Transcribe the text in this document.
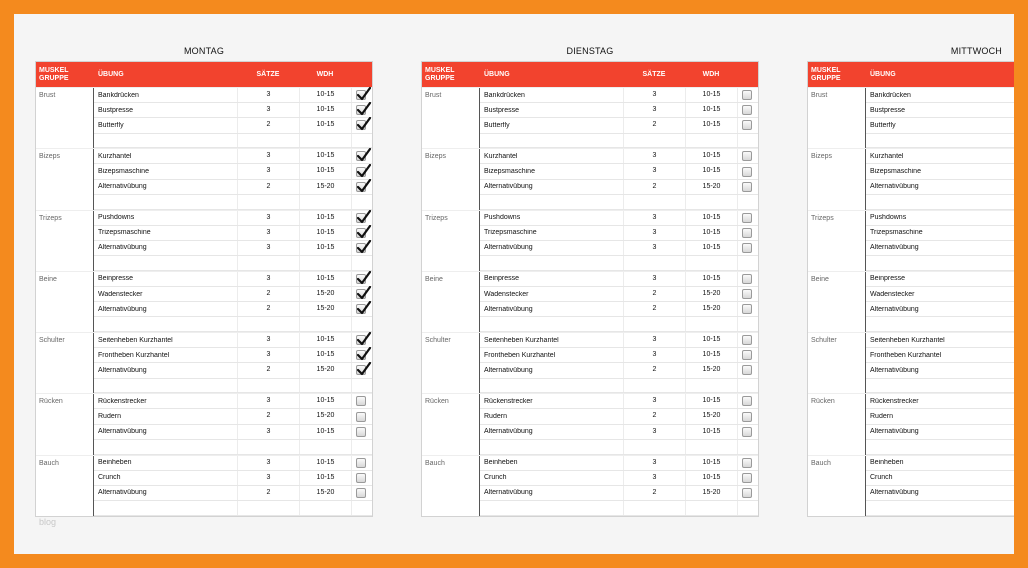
MONTAG
MUSKEL
GRUPPE	ÜBUNG	SÄTZE	WDH
Brust	Bankdrücken	3	10-15
Bustpresse	3	10-15
Butterfly	2	10-15
Bizeps	Kurzhantel	3	10-15
Bizepsmaschine	3	10-15
Alternativübung	2	15-20
Trizeps	Pushdowns	3	10-15
Trizepsmaschine	3	10-15
Alternativübung	3	10-15
Beine	Beinpresse	3	10-15
Wadenstecker	2	15-20
Alternativübung	2	15-20
Schulter	Seitenheben Kurzhantel	3	10-15
Frontheben Kurzhantel	3	10-15
Alternativübung	2	15-20
Rücken	Rückenstrecker	3	10-15
Rudern	2	15-20
Alternativübung	3	10-15
Bauch	Beinheben	3	10-15
Crunch	3	10-15
Alternativübung	2	15-20
DIENSTAG
MUSKEL
GRUPPE	ÜBUNG	SÄTZE	WDH
Brust	Bankdrücken	3	10-15
Bustpresse	3	10-15
Butterfly	2	10-15
Bizeps	Kurzhantel	3	10-15
Bizepsmaschine	3	10-15
Alternativübung	2	15-20
Trizeps	Pushdowns	3	10-15
Trizepsmaschine	3	10-15
Alternativübung	3	10-15
Beine	Beinpresse	3	10-15
Wadenstecker	2	15-20
Alternativübung	2	15-20
Schulter	Seitenheben Kurzhantel	3	10-15
Frontheben Kurzhantel	3	10-15
Alternativübung	2	15-20
Rücken	Rückenstrecker	3	10-15
Rudern	2	15-20
Alternativübung	3	10-15
Bauch	Beinheben	3	10-15
Crunch	3	10-15
Alternativübung	2	15-20
MITTWOCH
MUSKEL
GRUPPE	ÜBUNG
Brust	Bankdrücken
Bustpresse
Butterfly
Bizeps	Kurzhantel
Bizepsmaschine
Alternativübung
Trizeps	Pushdowns
Trizepsmaschine
Alternativübung
Beine	Beinpresse
Wadenstecker
Alternativübung
Schulter	Seitenheben Kurzhantel
Frontheben Kurzhantel
Alternativübung
Rücken	Rückenstrecker
Rudern
Alternativübung
Bauch	Beinheben
Crunch
Alternativübung
blog
